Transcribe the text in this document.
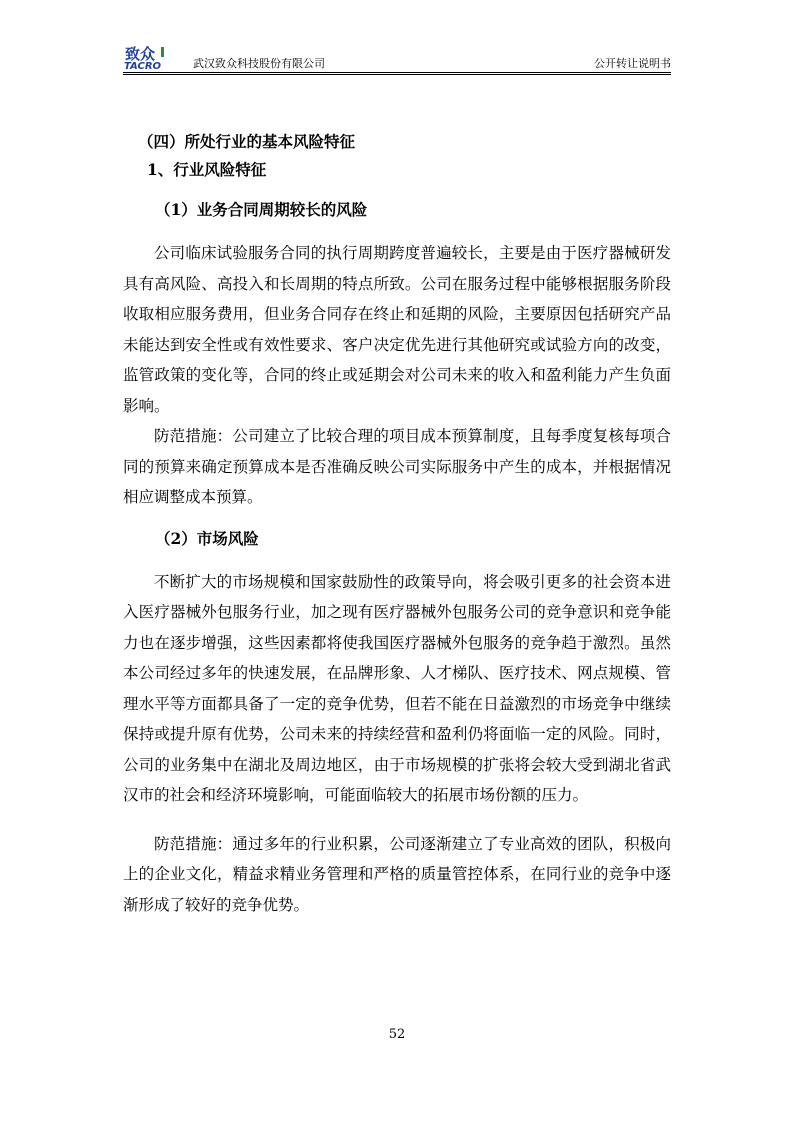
致众
TACRO	武汉致众科技股份有限公司	公开转让说明书

（四）所处行业的基本风险特征

1、行业风险特征

（1）业务合同周期较长的风险

公司临床试验服务合同的执行周期跨度普遍较长，主要是由于医疗器械研发具有高风险、高投入和长周期的特点所致。公司在服务过程中能够根据服务阶段收取相应服务费用，但业务合同存在终止和延期的风险，主要原因包括研究产品未能达到安全性或有效性要求、客户决定优先进行其他研究或试验方向的改变，监管政策的变化等，合同的终止或延期会对公司未来的收入和盈利能力产生负面影响。

防范措施：公司建立了比较合理的项目成本预算制度，且每季度复核每项合同的预算来确定预算成本是否准确反映公司实际服务中产生的成本，并根据情况相应调整成本预算。

（2）市场风险

不断扩大的市场规模和国家鼓励性的政策导向，将会吸引更多的社会资本进入医疗器械外包服务行业，加之现有医疗器械外包服务公司的竞争意识和竞争能力也在逐步增强，这些因素都将使我国医疗器械外包服务的竞争趋于激烈。虽然本公司经过多年的快速发展，在品牌形象、人才梯队、医疗技术、网点规模、管理水平等方面都具备了一定的竞争优势，但若不能在日益激烈的市场竞争中继续保持或提升原有优势，公司未来的持续经营和盈利仍将面临一定的风险。同时，公司的业务集中在湖北及周边地区，由于市场规模的扩张将会较大受到湖北省武汉市的社会和经济环境影响，可能面临较大的拓展市场份额的压力。

防范措施：通过多年的行业积累，公司逐渐建立了专业高效的团队，积极向上的企业文化，精益求精业务管理和严格的质量管控体系，在同行业的竞争中逐渐形成了较好的竞争优势。

52
